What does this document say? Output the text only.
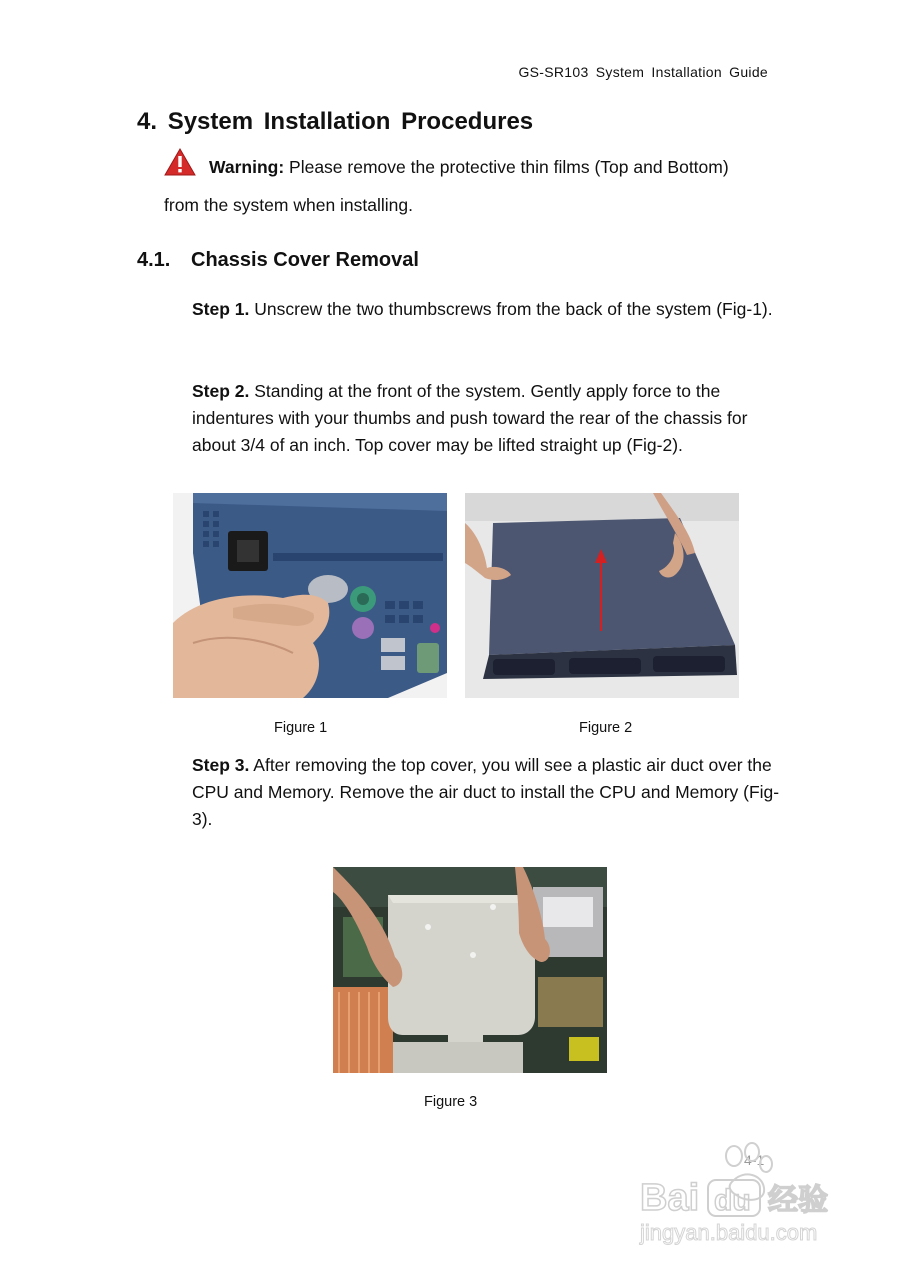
GS-SR103 System Installation Guide
4. System Installation Procedures
Warning: Please remove the protective thin films (Top and Bottom)
from the system when installing.
4.1. Chassis Cover Removal
Step 1. Unscrew the two thumbscrews from the back of the system (Fig-1).
Step 2. Standing at the front of the system. Gently apply force to the indentures with your thumbs and push toward the rear of the chassis for about 3/4 of an inch. Top cover may be lifted straight up (Fig-2).
Figure 1	Figure 2
Step 3. After removing the top cover, you will see a plastic air duct over the CPU and Memory. Remove the air duct to install the CPU and Memory (Fig-3).
Figure 3
4-1
Bai du 经验
jingyan.baidu.com
